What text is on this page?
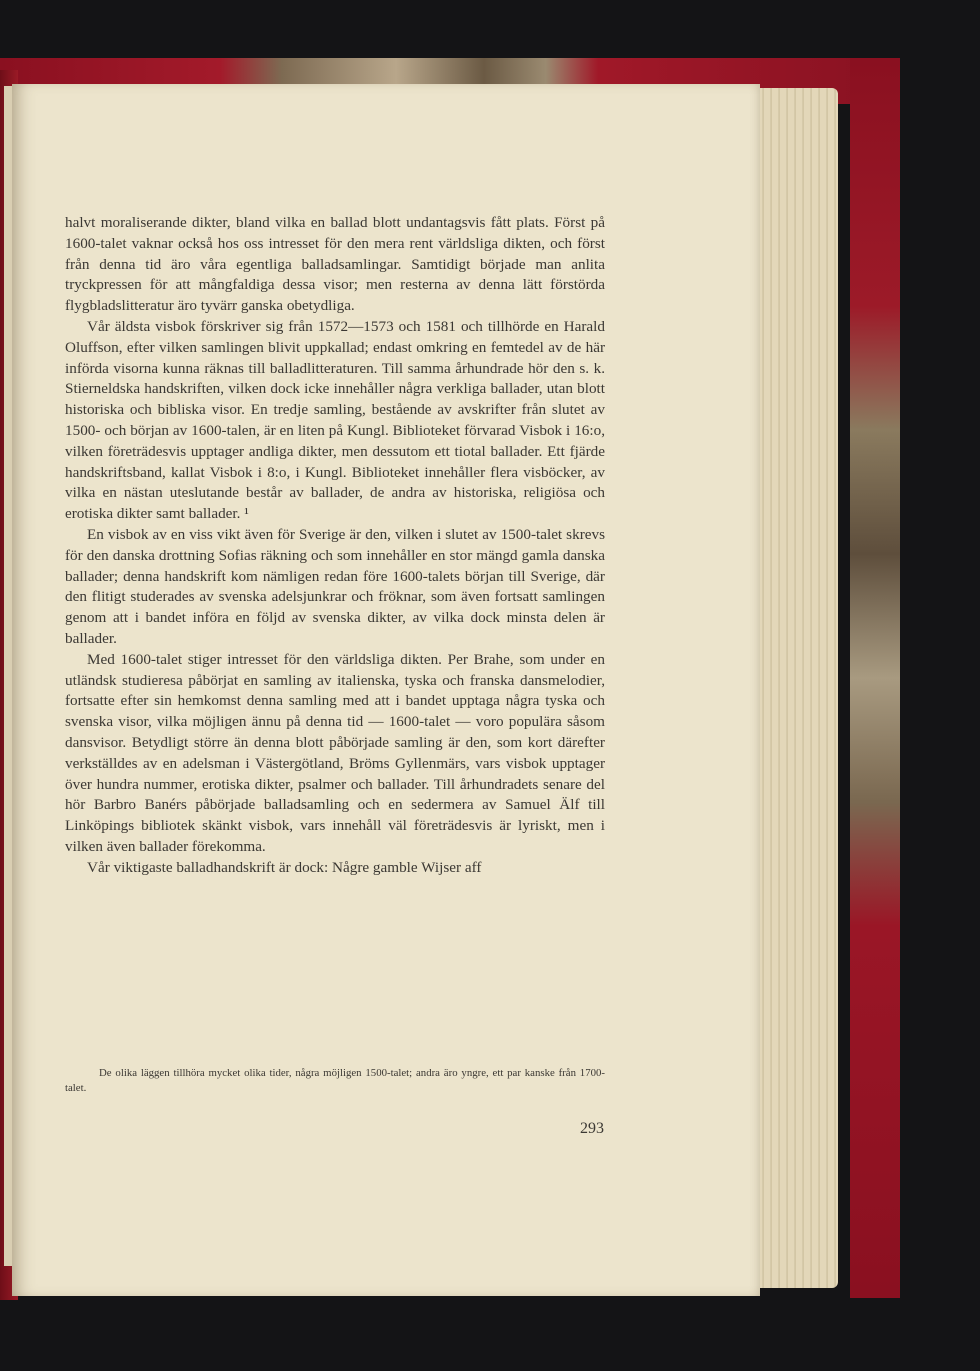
halvt moraliserande dikter, bland vilka en ballad blott undantagsvis fått plats. Först på 1600-talet vaknar också hos oss intresset för den mera rent världsliga dikten, och först från denna tid äro våra egentliga balladsamlingar. Samtidigt började man anlita tryckpressen för att mångfaldiga dessa visor; men resterna av denna lätt förstörda flygbladslitteratur äro tyvärr ganska obetydliga.

Vår äldsta visbok förskriver sig från 1572—1573 och 1581 och tillhörde en Harald Oluffson, efter vilken samlingen blivit uppkallad; endast omkring en femtedel av de här införda visorna kunna räknas till balladlitteraturen. Till samma århundrade hör den s. k. Stierneldska handskriften, vilken dock icke innehåller några verkliga ballader, utan blott historiska och bibliska visor. En tredje samling, bestående av avskrifter från slutet av 1500- och början av 1600-talen, är en liten på Kungl. Biblioteket förvarad Visbok i 16:o, vilken företrädesvis upptager andliga dikter, men dessutom ett tiotal ballader. Ett fjärde handskriftsband, kallat Visbok i 8:o, i Kungl. Biblioteket innehåller flera visböcker, av vilka en nästan uteslutande består av ballader, de andra av historiska, religiösa och erotiska dikter samt ballader. ¹

En visbok av en viss vikt även för Sverige är den, vilken i slutet av 1500-talet skrevs för den danska drottning Sofias räkning och som innehåller en stor mängd gamla danska ballader; denna handskrift kom nämligen redan före 1600-talets början till Sverige, där den flitigt studerades av svenska adelsjunkrar och fröknar, som även fortsatt samlingen genom att i bandet införa en följd av svenska dikter, av vilka dock minsta delen är ballader.

Med 1600-talet stiger intresset för den världsliga dikten. Per Brahe, som under en utländsk studieresa påbörjat en samling av italienska, tyska och franska dansmelodier, fortsatte efter sin hemkomst denna samling med att i bandet upptaga några tyska och svenska visor, vilka möjligen ännu på denna tid — 1600-talet — voro populära såsom dansvisor. Betydligt större än denna blott påbörjade samling är den, som kort därefter verkställdes av en adelsman i Västergötland, Bröms Gyllenmärs, vars visbok upptager över hundra nummer, erotiska dikter, psalmer och ballader. Till århundradets senare del hör Barbro Banérs påbörjade balladsamling och en sedermera av Samuel Älf till Linköpings bibliotek skänkt visbok, vars innehåll väl företrädesvis är lyriskt, men i vilken även ballader förekomma.

Vår viktigaste balladhandskrift är dock: Någre gamble Wijser aff

De olika läggen tillhöra mycket olika tider, några möjligen 1500-talet; andra äro yngre, ett par kanske från 1700-talet.
293
